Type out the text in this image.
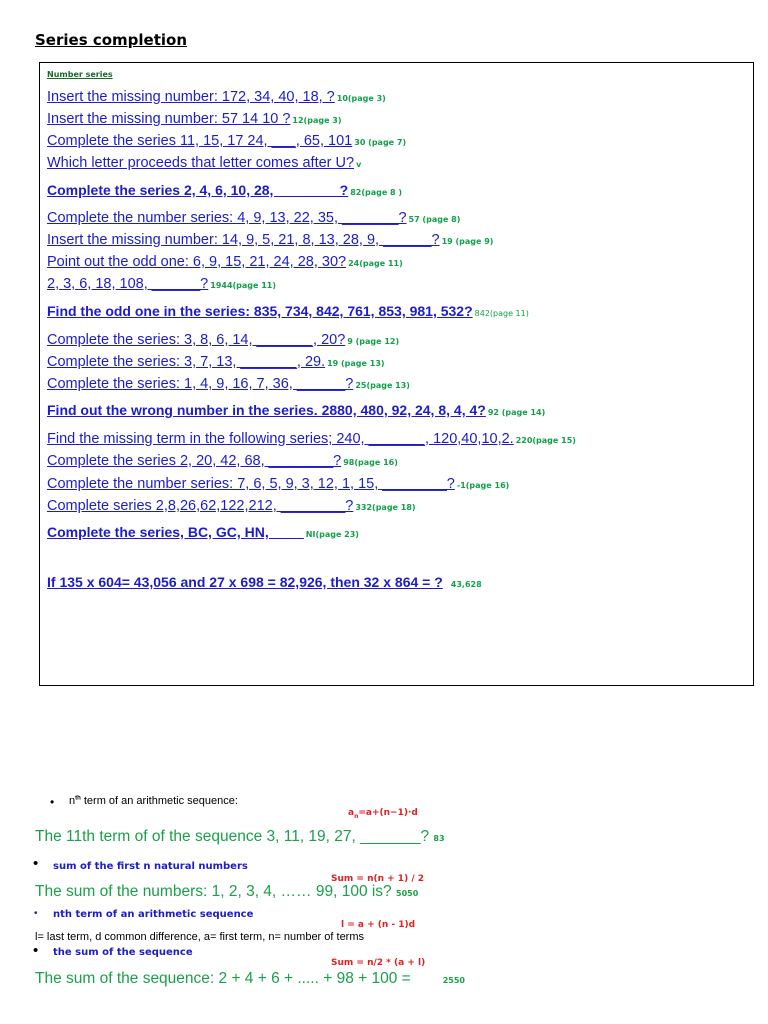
Series completion
Number series
Insert the missing number: 172, 34, 40, 18, ? 10(page 3)
Insert the missing number: 57 14 10 ? 12(page 3)
Complete the series 11, 15, 17 24, ___, 65, 101 30 (page 7)
Which letter proceeds that letter comes after U? v
Complete the series 2, 4, 6, 10, 28, ________? 82(page 8 )
Complete the number series: 4, 9, 13, 22, 35, _______? 57 (page 8)
Insert the missing number: 14, 9, 5, 21, 8, 13, 28, 9, ______? 19 (page 9)
Point out the odd one: 6, 9, 15, 21, 24, 28, 30? 24(page 11)
2, 3, 6, 18, 108, ______? 1944(page 11)
Find the odd one in the series: 835, 734, 842, 761, 853, 981, 532? 842(page 11)
Complete the series: 3, 8, 6, 14, _______, 20? 9 (page 12)
Complete the series: 3, 7, 13, _______, 29. 19 (page 13)
Complete the series: 1, 4, 9, 16, 7, 36, ______? 25(page 13)
Find out the wrong number in the series. 2880, 480, 92, 24, 8, 4, 4? 92 (page 14)
Find the missing term in the following series; 240, _______, 120,40,10,2. 220(page 15)
Complete the series 2, 20, 42, 68, ________? 98(page 16)
Complete the number series: 7, 6, 5, 9, 3, 12, 1, 15, ________? -1(page 16)
Complete series 2,8,26,62,122,212, ________? 332(page 18)
Complete the series, BC, GC, HN, ____ NI(page 23)
If 135 x 604= 43,056 and 27 x 698 = 82,926, then 32 x 864 = ? 43,628
• $n^{th}$ term of an arithmetic sequence:
$a_n=a+(n-1)\cdot d$
The 11th term of of the sequence 3, 11, 19, 27, _______? 83
• sum of the first n natural numbers
Sum = n(n + 1) / 2
The sum of the numbers: 1, 2, 3, 4, …… 99, 100 is? 5050
• nth term of an arithmetic sequence
l = a + (n - 1)d
l= last term, d common difference, a= first term, n= number of terms
• the sum of the sequence
Sum = n/2 * (a + l)
The sum of the sequence: 2 + 4 + 6 + ..... + 98 + 100 =	2550
